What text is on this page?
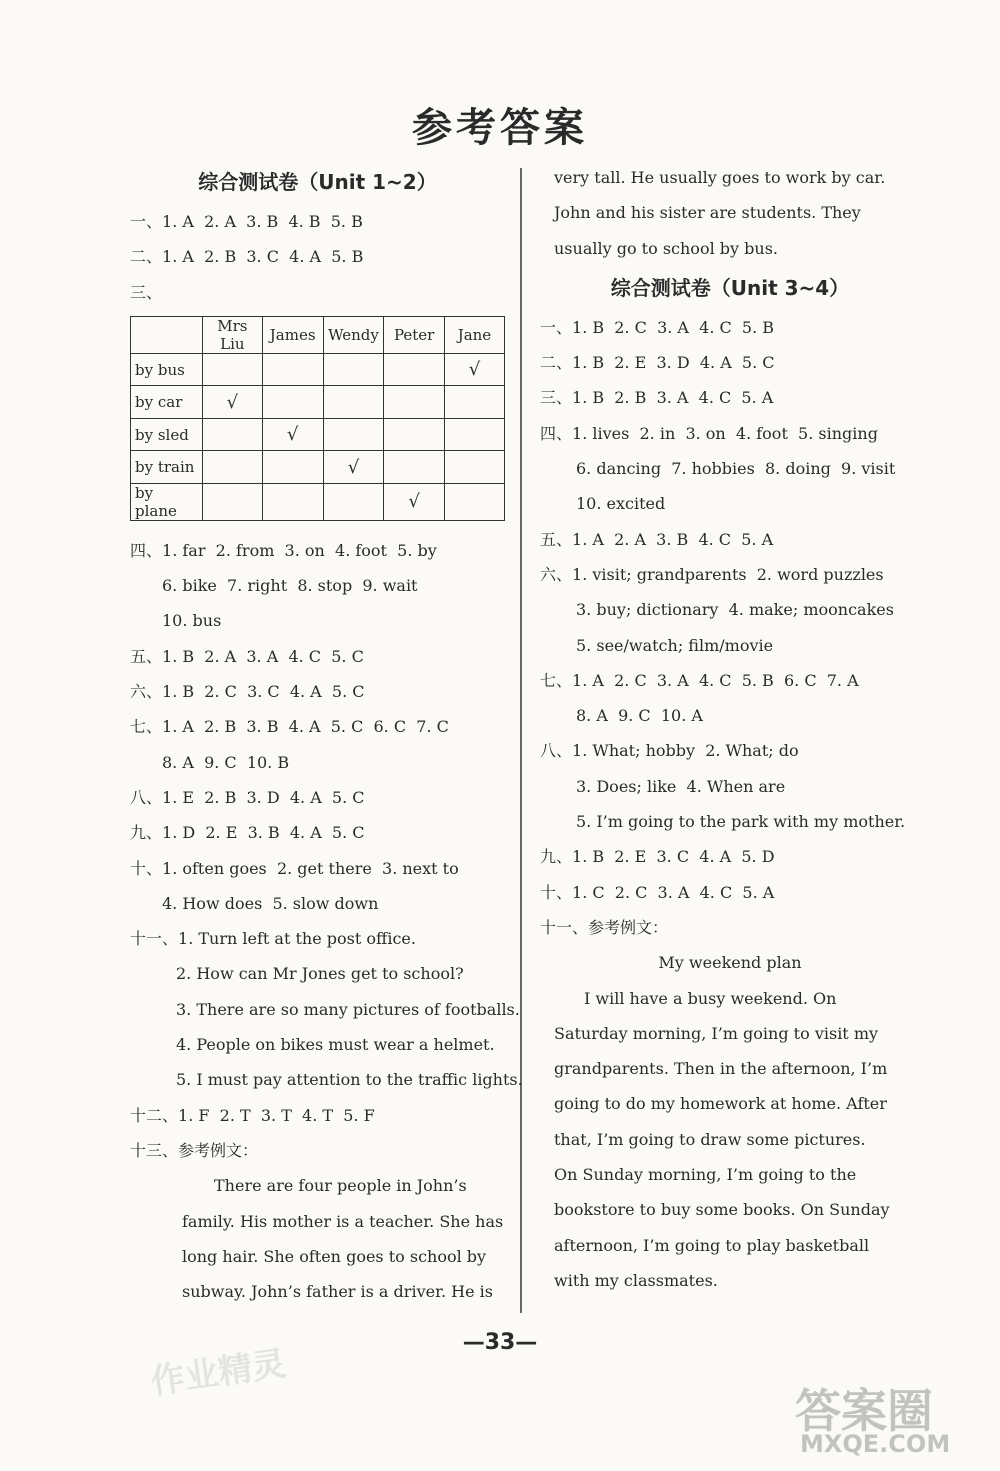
参考答案
综合测试卷（Unit 1~2）
一、1. A  2. A  3. B  4. B  5. B
二、1. A  2. B  3. C  4. A  5. B
三、
	Mrs Liu	James	Wendy	Peter	Jane
by bus					√
by car	√				
by sled		√			
by train			√		
by plane				√	
四、1. far  2. from  3. on  4. foot  5. by
6. bike  7. right  8. stop  9. wait
10. bus
五、1. B  2. A  3. A  4. C  5. C
六、1. B  2. C  3. C  4. A  5. C
七、1. A  2. B  3. B  4. A  5. C  6. C  7. C
8. A  9. C  10. B
八、1. E  2. B  3. D  4. A  5. C
九、1. D  2. E  3. B  4. A  5. C
十、1. often goes  2. get there  3. next to
4. How does  5. slow down
十一、1. Turn left at the post office.
2. How can Mr Jones get to school?
3. There are so many pictures of footballs.
4. People on bikes must wear a helmet.
5. I must pay attention to the traffic lights.
十二、1. F  2. T  3. T  4. T  5. F
十三、参考例文：
There are four people in John’s
family. His mother is a teacher. She has
long hair. She often goes to school by
subway. John’s father is a driver. He is
very tall. He usually goes to work by car.
John and his sister are students. They
usually go to school by bus.
综合测试卷（Unit 3~4）
一、1. B  2. C  3. A  4. C  5. B
二、1. B  2. E  3. D  4. A  5. C
三、1. B  2. B  3. A  4. C  5. A
四、1. lives  2. in  3. on  4. foot  5. singing
6. dancing  7. hobbies  8. doing  9. visit
10. excited
五、1. A  2. A  3. B  4. C  5. A
六、1. visit; grandparents  2. word puzzles
3. buy; dictionary  4. make; mooncakes
5. see/watch; film/movie
七、1. A  2. C  3. A  4. C  5. B  6. C  7. A
8. A  9. C  10. A
八、1. What; hobby  2. What; do
3. Does; like  4. When are
5. I’m going to the park with my mother.
九、1. B  2. E  3. C  4. A  5. D
十、1. C  2. C  3. A  4. C  5. A
十一、参考例文：
My weekend plan
I will have a busy weekend. On
Saturday morning, I’m going to visit my
grandparents. Then in the afternoon, I’m
going to do my homework at home. After
that, I’m going to draw some pictures.
On Sunday morning, I’m going to the
bookstore to buy some books. On Sunday
afternoon, I’m going to play basketball
with my classmates.
—33—
作业精灵
答案圈
MXQE.COM
